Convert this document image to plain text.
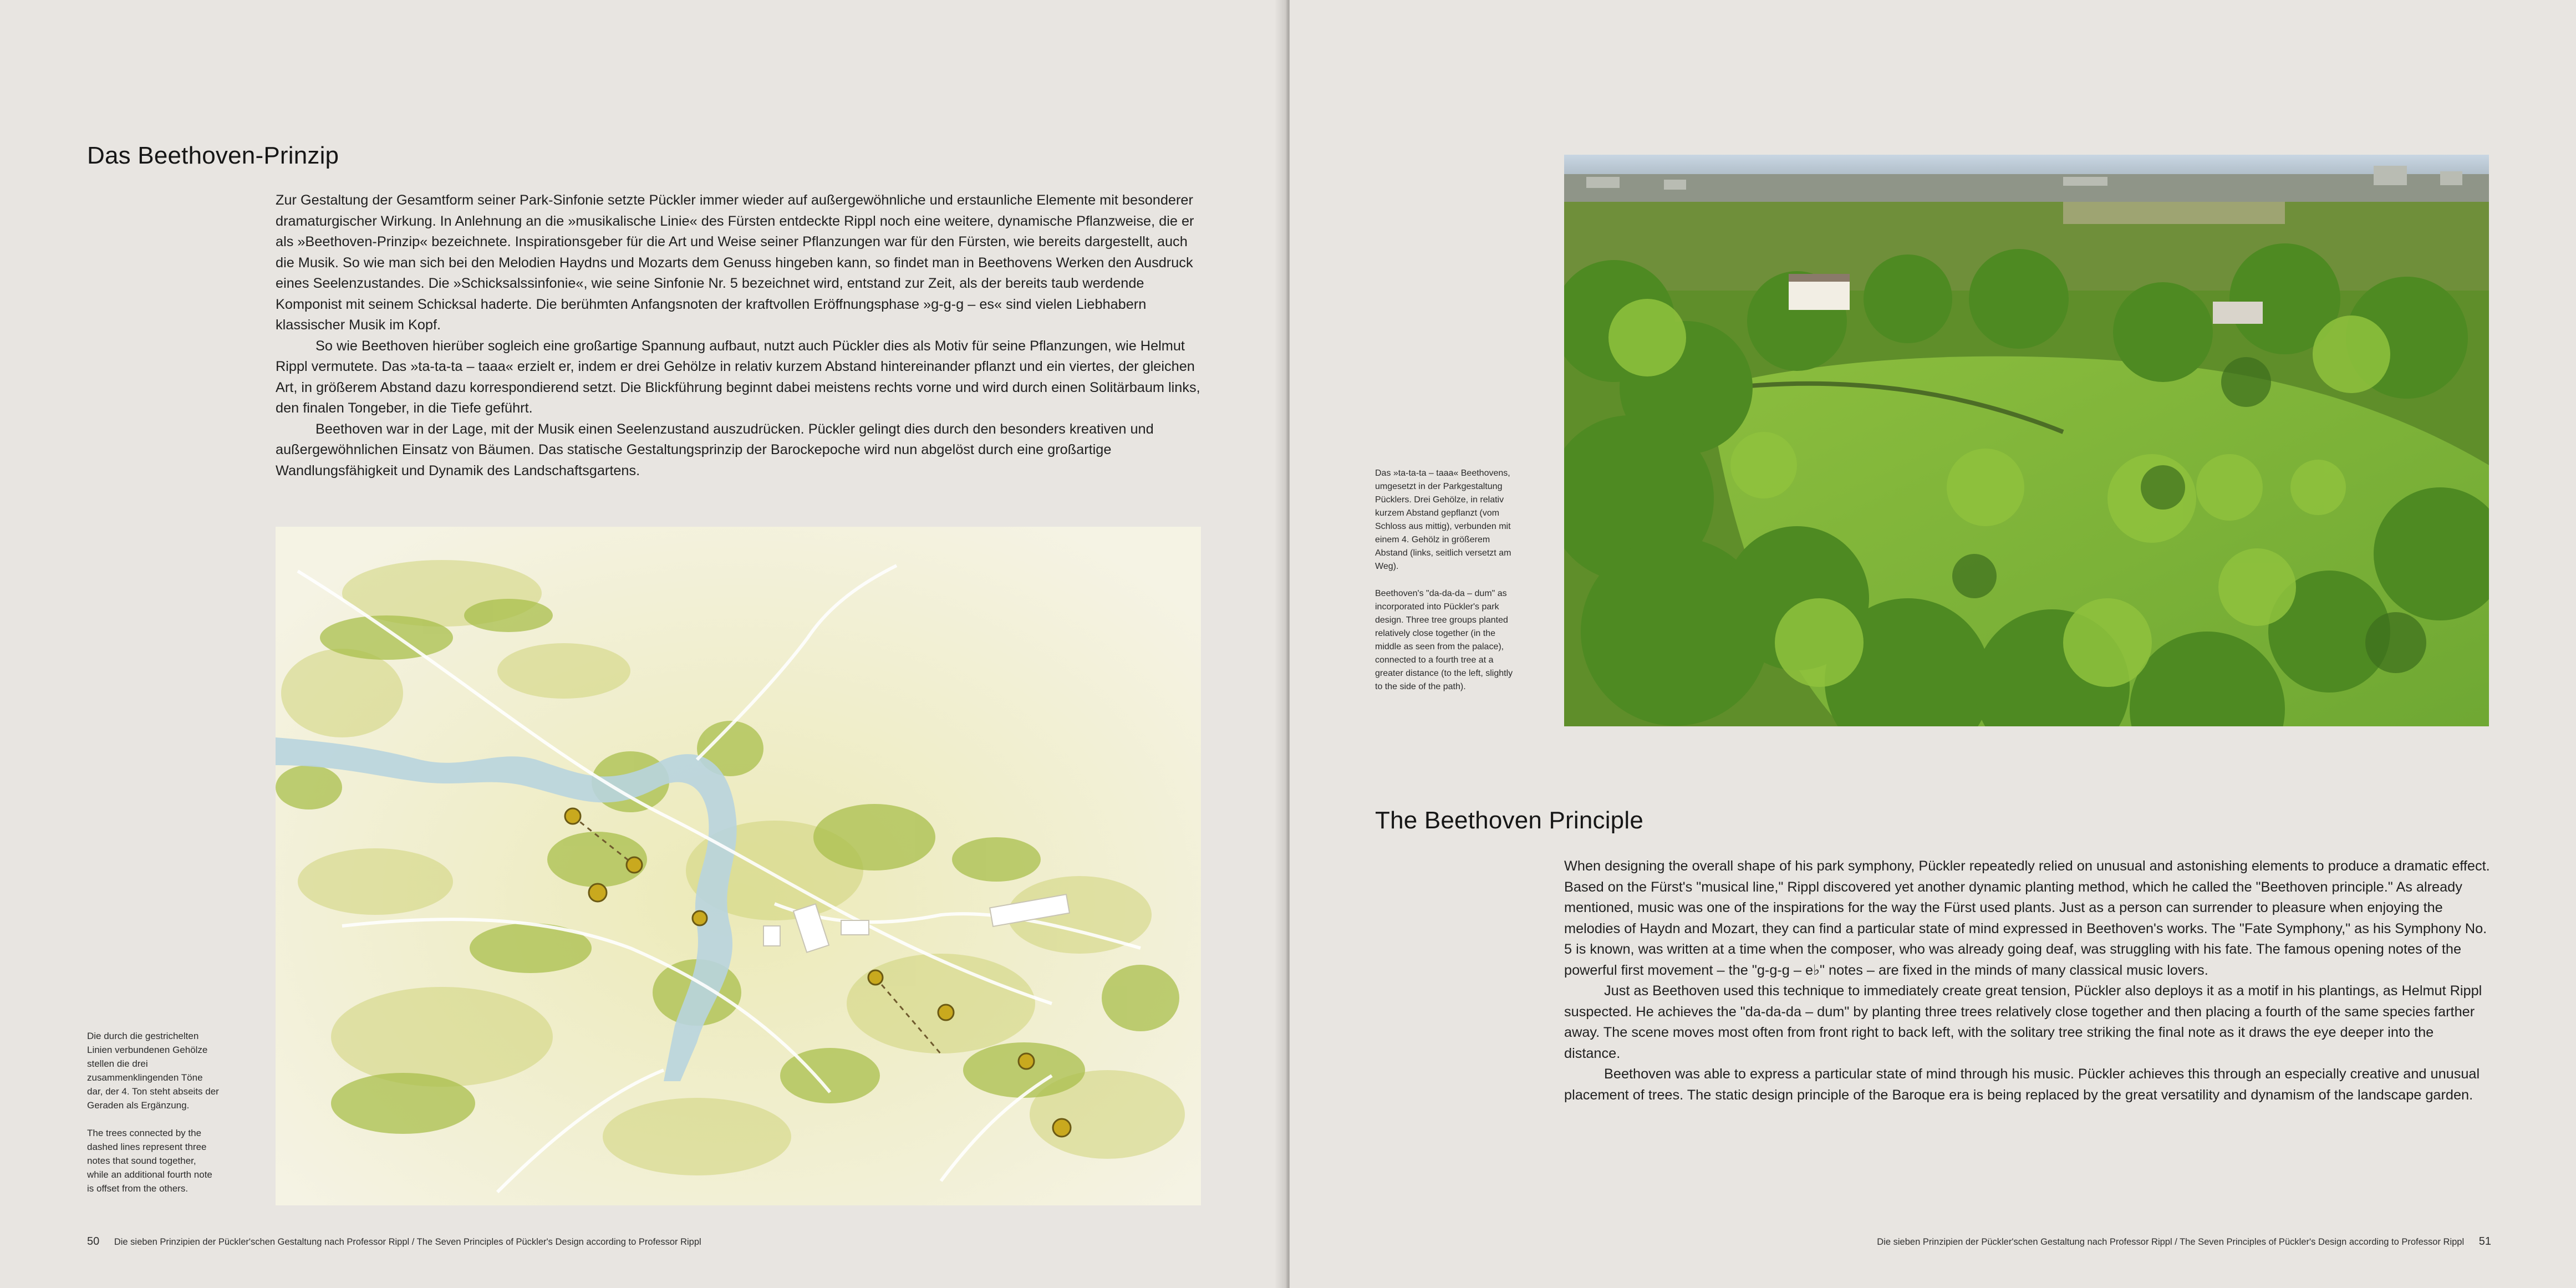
Das Beethoven-Prinzip

Zur Gestaltung der Gesamtform seiner Park-Sinfonie setzte Pückler immer wieder auf außergewöhnliche und erstaunliche Elemente mit besonderer dramaturgischer Wirkung. In Anlehnung an die »musikalische Linie« des Fürsten entdeckte Rippl noch eine weitere, dynamische Pflanzweise, die er als »Beethoven-Prinzip« bezeichnete. Inspirationsgeber für die Art und Weise seiner Pflanzungen war für den Fürsten, wie bereits dargestellt, auch die Musik. So wie man sich bei den Melodien Haydns und Mozarts dem Genuss hingeben kann, so findet man in Beethovens Werken den Ausdruck eines Seelenzustandes. Die »Schicksalssinfonie«, wie seine Sinfonie Nr. 5 bezeichnet wird, entstand zur Zeit, als der bereits taub werdende Komponist mit seinem Schicksal haderte. Die berühmten Anfangsnoten der kraftvollen Eröffnungsphase »g-g-g – es« sind vielen Liebhabern klassischer Musik im Kopf.

So wie Beethoven hierüber sogleich eine großartige Spannung aufbaut, nutzt auch Pückler dies als Motiv für seine Pflanzungen, wie Helmut Rippl vermutete. Das »ta-ta-ta – taaa« erzielt er, indem er drei Gehölze in relativ kurzem Abstand hintereinander pflanzt und ein viertes, der gleichen Art, in größerem Abstand dazu korrespondierend setzt. Die Blickführung beginnt dabei meistens rechts vorne und wird durch einen Solitärbaum links, den finalen Tongeber, in die Tiefe geführt.

Beethoven war in der Lage, mit der Musik einen Seelenzustand auszudrücken. Pückler gelingt dies durch den besonders kreativen und außergewöhnlichen Einsatz von Bäumen. Das statische Gestaltungsprinzip der Barockepoche wird nun abgelöst durch eine großartige Wandlungsfähigkeit und Dynamik des Landschaftsgartens.

Die durch die gestrichelten Linien verbundenen Gehölze stellen die drei zusammenklingenden Töne dar, der 4. Ton steht abseits der Geraden als Ergänzung.

The trees connected by the dashed lines represent three notes that sound together, while an additional fourth note is offset from the others.

50 Die sieben Prinzipien der Pückler'schen Gestaltung nach Professor Rippl / The Seven Principles of Pückler's Design according to Professor Rippl

Das »ta-ta-ta – taaa« Beethovens, umgesetzt in der Parkgestaltung Pücklers. Drei Gehölze, in relativ kurzem Abstand gepflanzt (vom Schloss aus mittig), verbunden mit einem 4. Gehölz in größerem Abstand (links, seitlich versetzt am Weg).

Beethoven's "da-da-da – dum" as incorporated into Pückler's park design. Three tree groups planted relatively close together (in the middle as seen from the palace), connected to a fourth tree at a greater distance (to the left, slightly to the side of the path).

The Beethoven Principle

When designing the overall shape of his park symphony, Pückler repeatedly relied on unusual and astonishing elements to produce a dramatic effect. Based on the Fürst's "musical line," Rippl discovered yet another dynamic planting method, which he called the "Beethoven principle." As already mentioned, music was one of the inspirations for the way the Fürst used plants. Just as a person can surrender to pleasure when enjoying the melodies of Haydn and Mozart, they can find a particular state of mind expressed in Beethoven's works. The "Fate Symphony," as his Symphony No. 5 is known, was written at a time when the composer, who was already going deaf, was struggling with his fate. The famous opening notes of the powerful first movement – the "g-g-g – e♭" notes – are fixed in the minds of many classical music lovers.

Just as Beethoven used this technique to immediately create great tension, Pückler also deploys it as a motif in his plantings, as Helmut Rippl suspected. He achieves the "da-da-da – dum" by planting three trees relatively close together and then placing a fourth of the same species farther away. The scene moves most often from front right to back left, with the solitary tree striking the final note as it draws the eye deeper into the distance.

Beethoven was able to express a particular state of mind through his music. Pückler achieves this through an especially creative and unusual placement of trees. The static design principle of the Baroque era is being replaced by the great versatility and dynamism of the landscape garden.

Die sieben Prinzipien der Pückler'schen Gestaltung nach Professor Rippl / The Seven Principles of Pückler's Design according to Professor Rippl 51
